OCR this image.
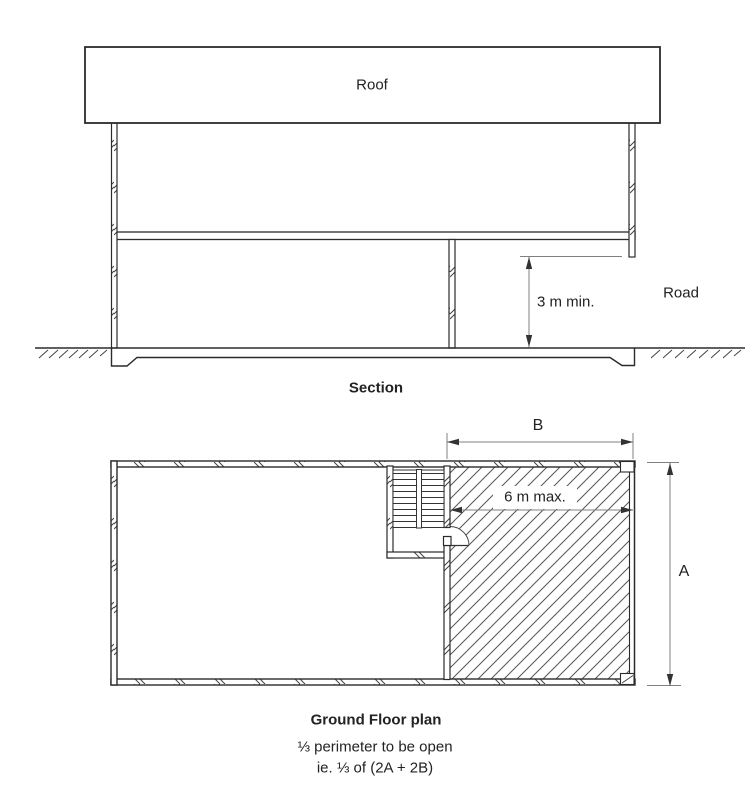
Roof
3 m min.
Road
Section
B
A
6 m max.
Ground Floor plan
⅓ perimeter to be open
ie. ⅓ of (2A + 2B)
